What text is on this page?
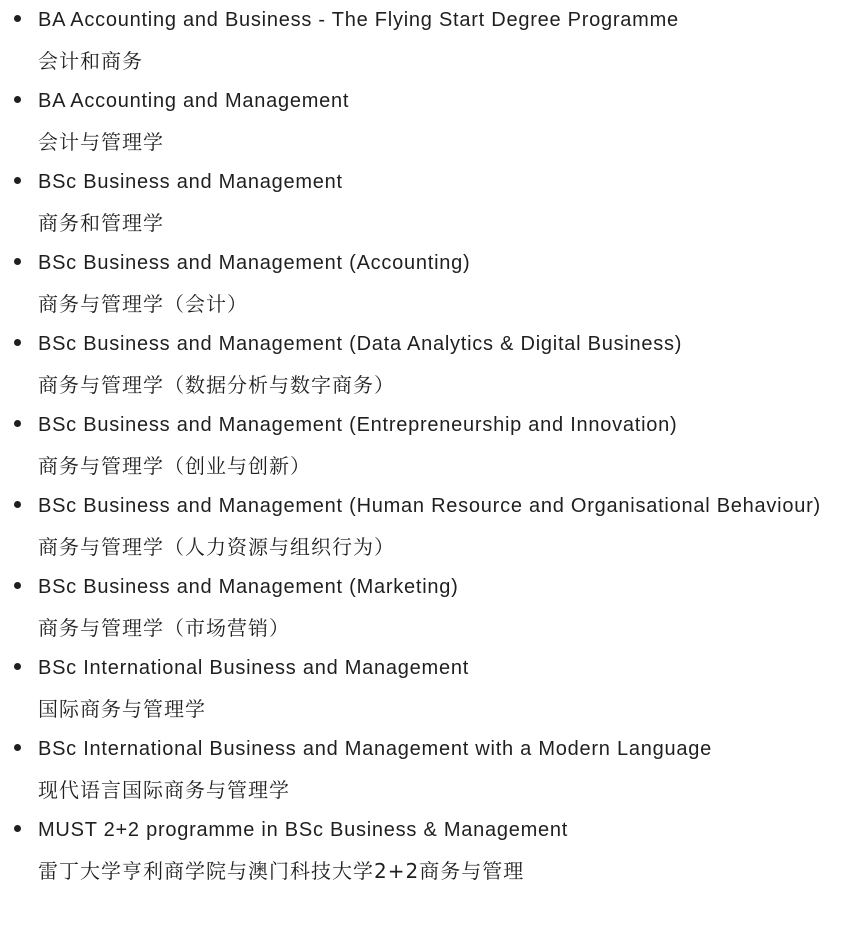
BA Accounting and Business - The Flying Start Degree Programme
会计和商务
BA Accounting and Management
会计与管理学
BSc Business and Management
商务和管理学
BSc Business and Management (Accounting)
商务与管理学（会计）
BSc Business and Management (Data Analytics & Digital Business)
商务与管理学（数据分析与数字商务）
BSc Business and Management (Entrepreneurship and Innovation)
商务与管理学（创业与创新）
BSc Business and Management (Human Resource and Organisational Behaviour)
商务与管理学（人力资源与组织行为）
BSc Business and Management (Marketing)
商务与管理学（市场营销）
BSc International Business and Management
国际商务与管理学
BSc International Business and Management with a Modern Language
现代语言国际商务与管理学
MUST 2+2 programme in BSc Business & Management
雷丁大学亨利商学院与澳门科技大学2+2商务与管理
